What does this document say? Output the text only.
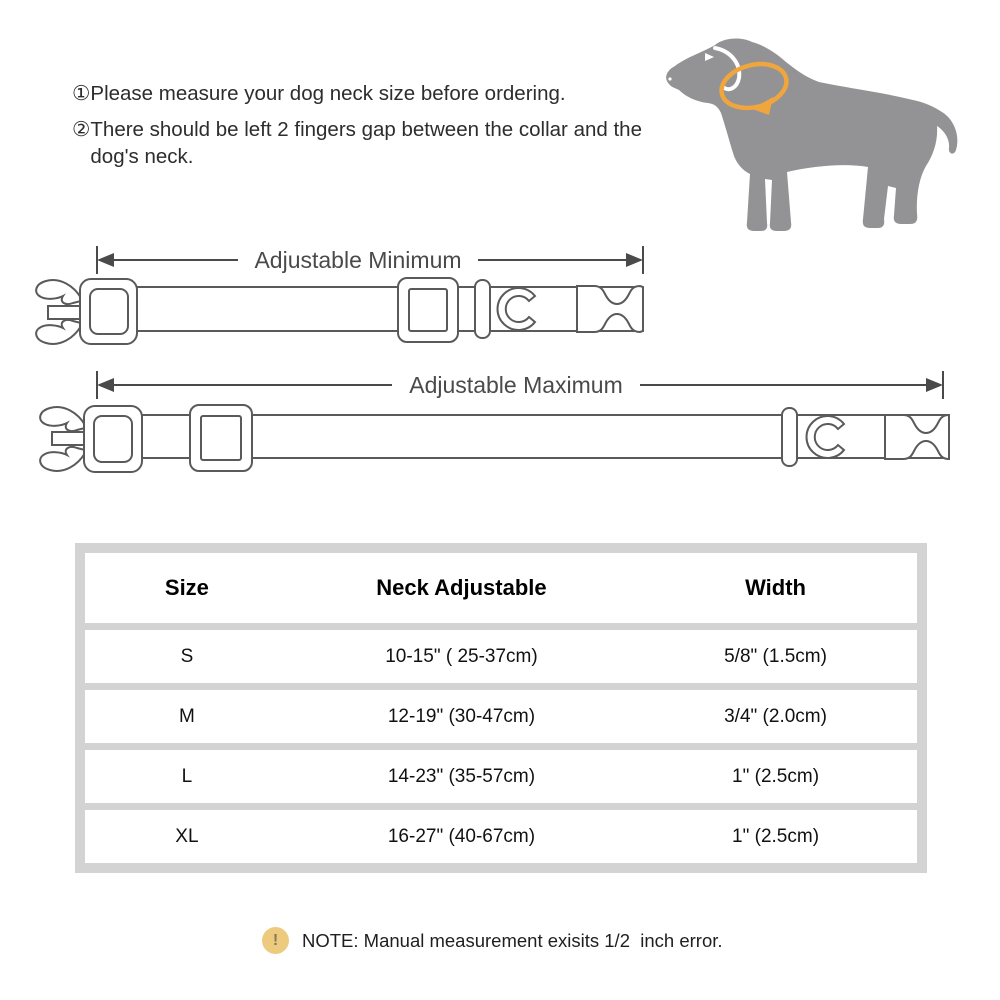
① Please measure your dog neck size before ordering.
② There should be left 2 fingers gap between the collar and the dog's neck.
Adjustable Minimum
Adjustable Maximum
Size	Neck Adjustable	Width
S	10-15" ( 25-37cm)	5/8" (1.5cm)
M	12-19" (30-47cm)	3/4" (2.0cm)
L	14-23" (35-57cm)	1" (2.5cm)
XL	16-27" (40-67cm)	1" (2.5cm)
!	NOTE: Manual measurement exisits 1/2  inch error.
